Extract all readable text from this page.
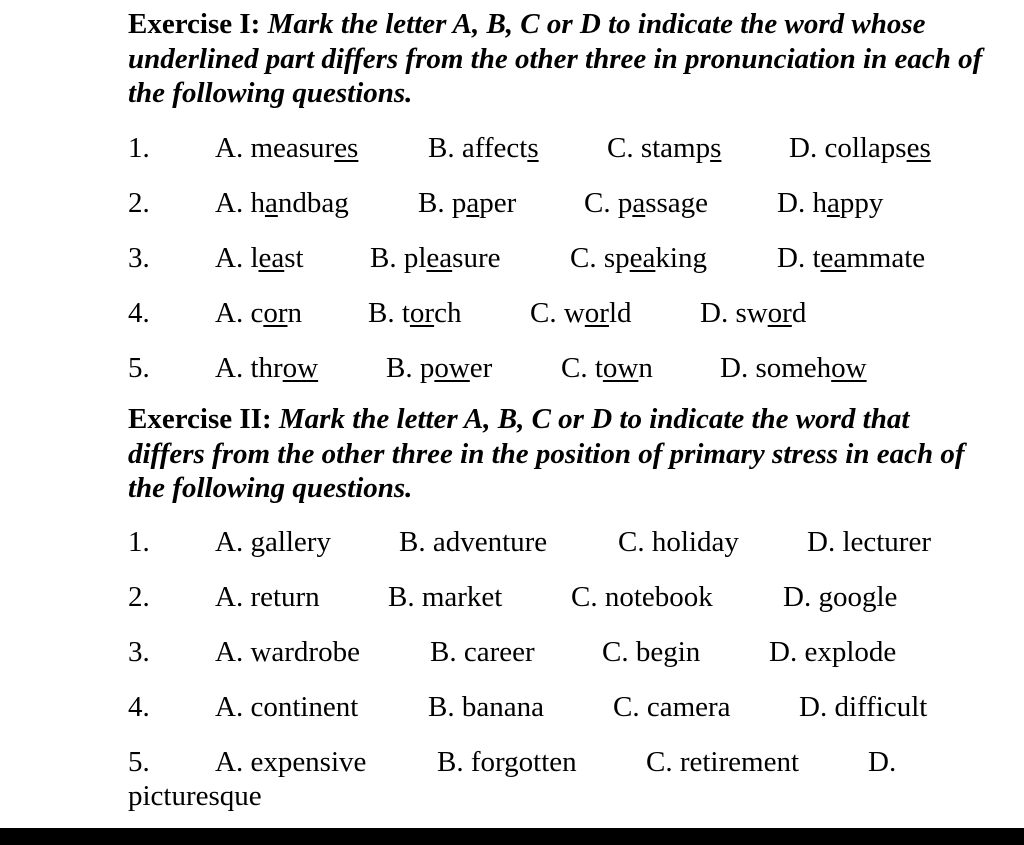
Exercise I: Mark the letter A, B, C or D to indicate the word whose underlined part differs from the other three in pronunciation in each of the following questions.
1. A. measures B. affects C. stamps D. collapses
2. A. handbag B. paper C. passage D. happy
3. A. least B. pleasure C. speaking D. teammate
4. A. corn B. torch C. world D. sword
5. A. throw B. power C. town D. somehow
Exercise II: Mark the letter A, B, C or D to indicate the word that differs from the other three in the position of primary stress in each of the following questions.
1. A. gallery B. adventure C. holiday D. lecturer
2. A. return B. market C. notebook D. google
3. A. wardrobe B. career C. begin D. explode
4. A. continent B. banana C. camera D. difficult
5. A. expensive B. forgotten C. retirement D.
picturesque
